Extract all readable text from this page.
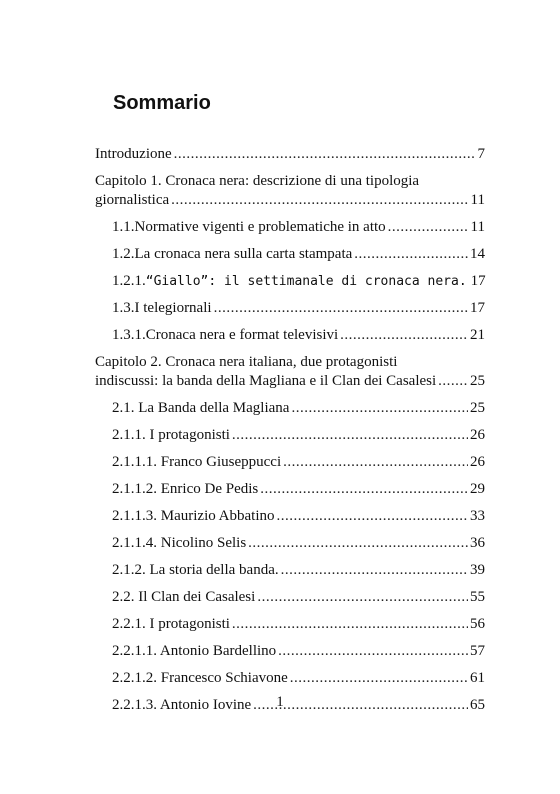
Sommario
Introduzione .....	7
Capitolo 1. Cronaca nera: descrizione di una tipologia
giornalistica .....	11
1.1. Normative vigenti e problematiche in atto .....	11
1.2. La cronaca nera sulla carta stampata .....	14
1.2.1. “Giallo”: il settimanale di cronaca nera. 17
1.3. I telegiornali .....	17
1.3.1. Cronaca nera e format televisivi .....	21
Capitolo 2. Cronaca nera italiana, due protagonisti
indiscussi: la banda della Magliana e il Clan dei Casalesi ..... 25
2.1. La Banda della Magliana .....	25
2.1.1. I protagonisti .....	26
2.1.1.1. Franco Giuseppucci .....	26
2.1.1.2. Enrico De Pedis .....	29
2.1.1.3. Maurizio Abbatino .....	33
2.1.1.4. Nicolino Selis .....	36
2.1.2. La storia della banda. .....	39
2.2. Il Clan dei Casalesi .....	55
2.2.1. I protagonisti .....	56
2.2.1.1. Antonio Bardellino .....	57
2.2.1.2. Francesco Schiavone .....	61
2.2.1.3. Antonio Iovine .....	65
1
